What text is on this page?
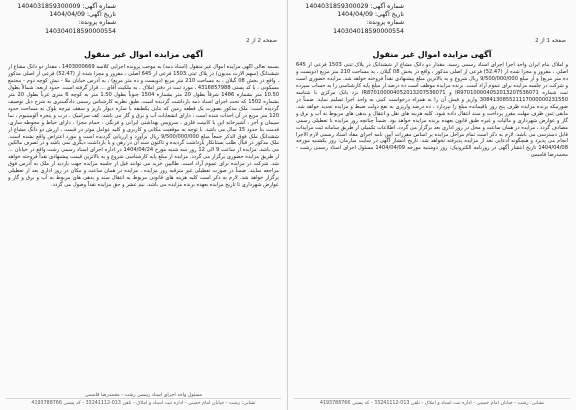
شماره آگهی: 1404031859300009
تاریخ آگهی: 1404/04/09
شماره پرونده: 140304018590000554
صفحه 2 از 2
آگهی مزایده اموال غیر منقول
بسمه تعالی آگهی مزایده اموال غیر منقول (اسناد ذمه) به موجب پرونده اجرایی کلاسه 1403000669 ، مقدار دو دانگ مشاع از ششدانگ (سهم الارث مدیون) در پلاک ثبتی 1503 فرعی از 645 اصلی ، مفروز و مجزا شده از (52.47) فرعی از اصلی مذکور ، واقع در بخش 08 گیلان ، به مساحت 210 متر مربع (دویست و ده متر مربع) ، به آدرس خیابان ملا - نبش کوچه دوم - مجتمع مسکونی ، با کد پستی 4316857988 ، مورد ثبت در دفتر املاک ، به ملکیت آقای ... قرار گرفته است. حدود اربعه: شمالاً بطول 10.50 متر بشماره 1486 شرقاً بطول 20 متر بشماره 1504 جنوباً بطول 1.50 متر به کوچه 6 متری غرباً بطول 20 متر بشماره 1502 که تحت اجرای اسناد ذمه بازداشت گردیده است. طبق نظریه کارشناس رسمی دادگستری به شرح ذیل توصیف گردیده است: ملک مذکور بصورت یک قطعه زمین که بنایی یکطبقه با سازه دیوار باربر و سقف تیرچه بلوک به مساحت حدود 120 متر مربع در آن احداث شده است ، دارای انشعابات آب و برق و گاز می باشد. کف سرامیک ، درب و پنجره آلومینیوم ، نما سیمان و آجر ، آشپزخانه اپن با کابینت فلزی ، سرویس بهداشتی ایرانی و فرنگی ، حمام مجزا ، دارای حیاط و محوطه سازی. قدمت بنا حدود 15 سال می باشد. با توجه به موقعیت مکانی و کاربری و کلیه عوامل موثر در قیمت ، ارزش دو دانگ مشاع از ششدانگ ملک فوق الذکر جمعاً مبلغ 9/500/000/000 ریال برآورد و ارزیابی گردیده است و مورد اعتراض واقع نشده است. ملک مذکور در قبال طلب بستانکار بازداشت گردیده و تاکنون سند آن در رهن و یا بازداشت دیگری نمی باشد و در تصرف مالکین می باشد. مزایده از ساعت 9 الی 12 روز سه شنبه مورخ 1404/04/24 در اداره اجرای اسناد رسمی رشت واقع در خیابان ... از طریق مزایده حضوری برگزار می گردد. مزایده از مبلغ پایه کارشناسی شروع و به بالاترین قیمت پیشنهادی نقداً فروخته خواهد شد. شرکت در مزایده برای عموم آزاد است. طالبین خرید می توانند قبل از جلسه مزایده جهت بازدید از ملک به آدرس فوق مراجعه نمایند. ضمناً در صورت تعطیلی غیر مترقبه روز مزایده ، مزایده در همان ساعت و مکان در روز اداری بعد از تعطیلی برگزار خواهد شد. لازم به ذکر است کلیه هزینه های قانونی مربوط به انتقال سند و بدهی های مربوط به آب و برق و گاز و عوارض شهرداری تا تاریخ مزایده بعهده برنده مزایده می باشد. نیم عشر و حق مزایده نقداً وصول می گردد.
مسئول واحد اجرای اسناد رسمی رشت - محمدرضا قاسمی
نشانی: رشت - خیابان امام خمینی - اداره ثبت اسناد و املاک - تلفن 013-33241112 - کد پستی 4193788766
شماره آگهی: 1404031859300029
تاریخ آگهی: 1404/04/09
شماره پرونده: 140304018590000554
صفحه 1 از 2
آگهی مزایده اموال غیر منقول
و املاک بنام ایران واحد اجرا اجرای اسناد رسمی رسید. مقدار دو دانگ مشاع از ششدانگ در پلاک ثبتی 1503 فرعی از 645 اصلی ، مفروز و مجزا شده از (52.47) فرعی از اصلی مذکور ، واقع در بخش 08 گیلان ، به مساحت 210 متر مربع (دویست و ده متر مربع) و از مبلغ 9/500/000/000 ریال شروع و به بالاترین مبلغ پیشنهادی نقداً فروخته خواهد شد. مزایده حضوری است و شرکت در جلسه مزایده برای عموم آزاد است. برنده مزایده موظف است ده درصد از مبلغ پایه کارشناسی را به حساب سپرده ثبت شماره IR970100004052013207536071 و IR870100004052013207536071 نزد بانک مرکزی با شناسه 308413085521117000000231550 واریز و فیش آن را به همراه درخواست کتبی به واحد اجرا تسلیم نماید. ضمناً در صورتیکه برنده مزایده ظرف پنج روز باقیمانده مبلغ را نپردازد ، ده درصد واریزی به نفع دولت ضبط و مزایده تجدید خواهد شد. مابقی ثمن ظرف مهلت مقرر پرداخت و سند انتقال داده شود. کلیه هزینه های نقل و انتقال و بدهی های مربوط به آب و برق و گاز و عوارض شهرداری و مالیات و غیره طبق قانون بعهده برنده مزایده خواهد بود. ضمناً چنانچه روز مزایده با تعطیلی رسمی مصادف گردد ، مزایده در همان ساعت و محل در روز اداری بعد برگزار می گردد. اطلاعات تکمیلی از طریق سامانه ثبت مزایدات قابل دسترسی می باشد. لازم به ذکر است تمام مراحل مزایده بر اساس مقررات آیین نامه اجرای مفاد اسناد رسمی لازم الاجرا انجام می پذیرد و هیچگونه ادعایی بعد از مزایده پذیرفته نخواهد شد. تاریخ انتشار آگهی در سایت سازمان: روز یکشنبه مورخه 1404/04/08 تاریخ انتشار آگهی در روزنامه الکترونیک: روز دوشنبه مورخه 1404/04/09 مسئول اجرای اسناد رسمی رشت - محمدرضا قاسمی
نشانی: رشت - خیابان امام خمینی - اداره ثبت اسناد و املاک - تلفن 013-33241112 - کد پستی 4193788766
